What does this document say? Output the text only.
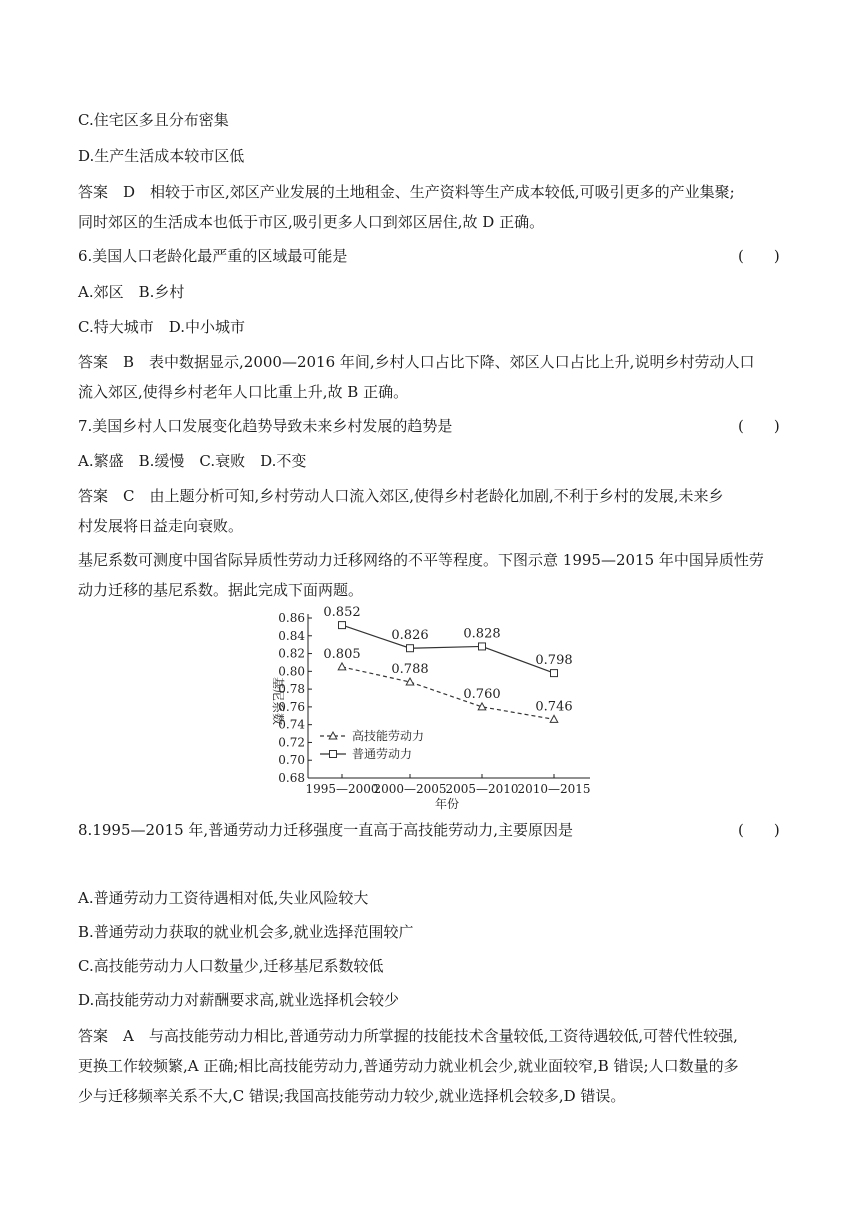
C.住宅区多且分布密集
D.生产生活成本较市区低
答案　D　相较于市区,郊区产业发展的土地租金、生产资料等生产成本较低,可吸引更多的产业集聚;
同时郊区的生活成本也低于市区,吸引更多人口到郊区居住,故 D 正确。
6.美国人口老龄化最严重的区域最可能是
A.郊区　B.乡村
C.特大城市　D.中小城市
答案　B　表中数据显示,2000—2016 年间,乡村人口占比下降、郊区人口占比上升,说明乡村劳动人口
流入郊区,使得乡村老年人口比重上升,故 B 正确。
7.美国乡村人口发展变化趋势导致未来乡村发展的趋势是
A.繁盛　B.缓慢　C.衰败　D.不变
答案　C　由上题分析可知,乡村劳动人口流入郊区,使得乡村老龄化加剧,不利于乡村的发展,未来乡
村发展将日益走向衰败。
基尼系数可测度中国省际异质性劳动力迁移网络的不平等程度。下图示意 1995—2015 年中国异质性劳
动力迁移的基尼系数。据此完成下面两题。
8.1995—2015 年,普通劳动力迁移强度一直高于高技能劳动力,主要原因是
A.普通劳动力工资待遇相对低,失业风险较大
B.普通劳动力获取的就业机会多,就业选择范围较广
C.高技能劳动力人口数量少,迁移基尼系数较低
D.高技能劳动力对薪酬要求高,就业选择机会较少
答案　A　与高技能劳动力相比,普通劳动力所掌握的技能技术含量较低,工资待遇较低,可替代性较强,
更换工作较频繁,A 正确;相比高技能劳动力,普通劳动力就业机会少,就业面较窄,B 错误;人口数量的多
少与迁移频率关系不大,C 错误;我国高技能劳动力较少,就业选择机会较多,D 错误。
(　　)
(　　)
(　　)
0.86
0.84
0.82
0.80
0.78
0.76
0.74
0.72
0.70
0.68
1995—2000
2000—2005
2005—2010
2010—2015
年份
基尼系数
0.852
0.826	0.828
0.798
0.805
0.788
0.760
0.746
高技能劳动力
普通劳动力
